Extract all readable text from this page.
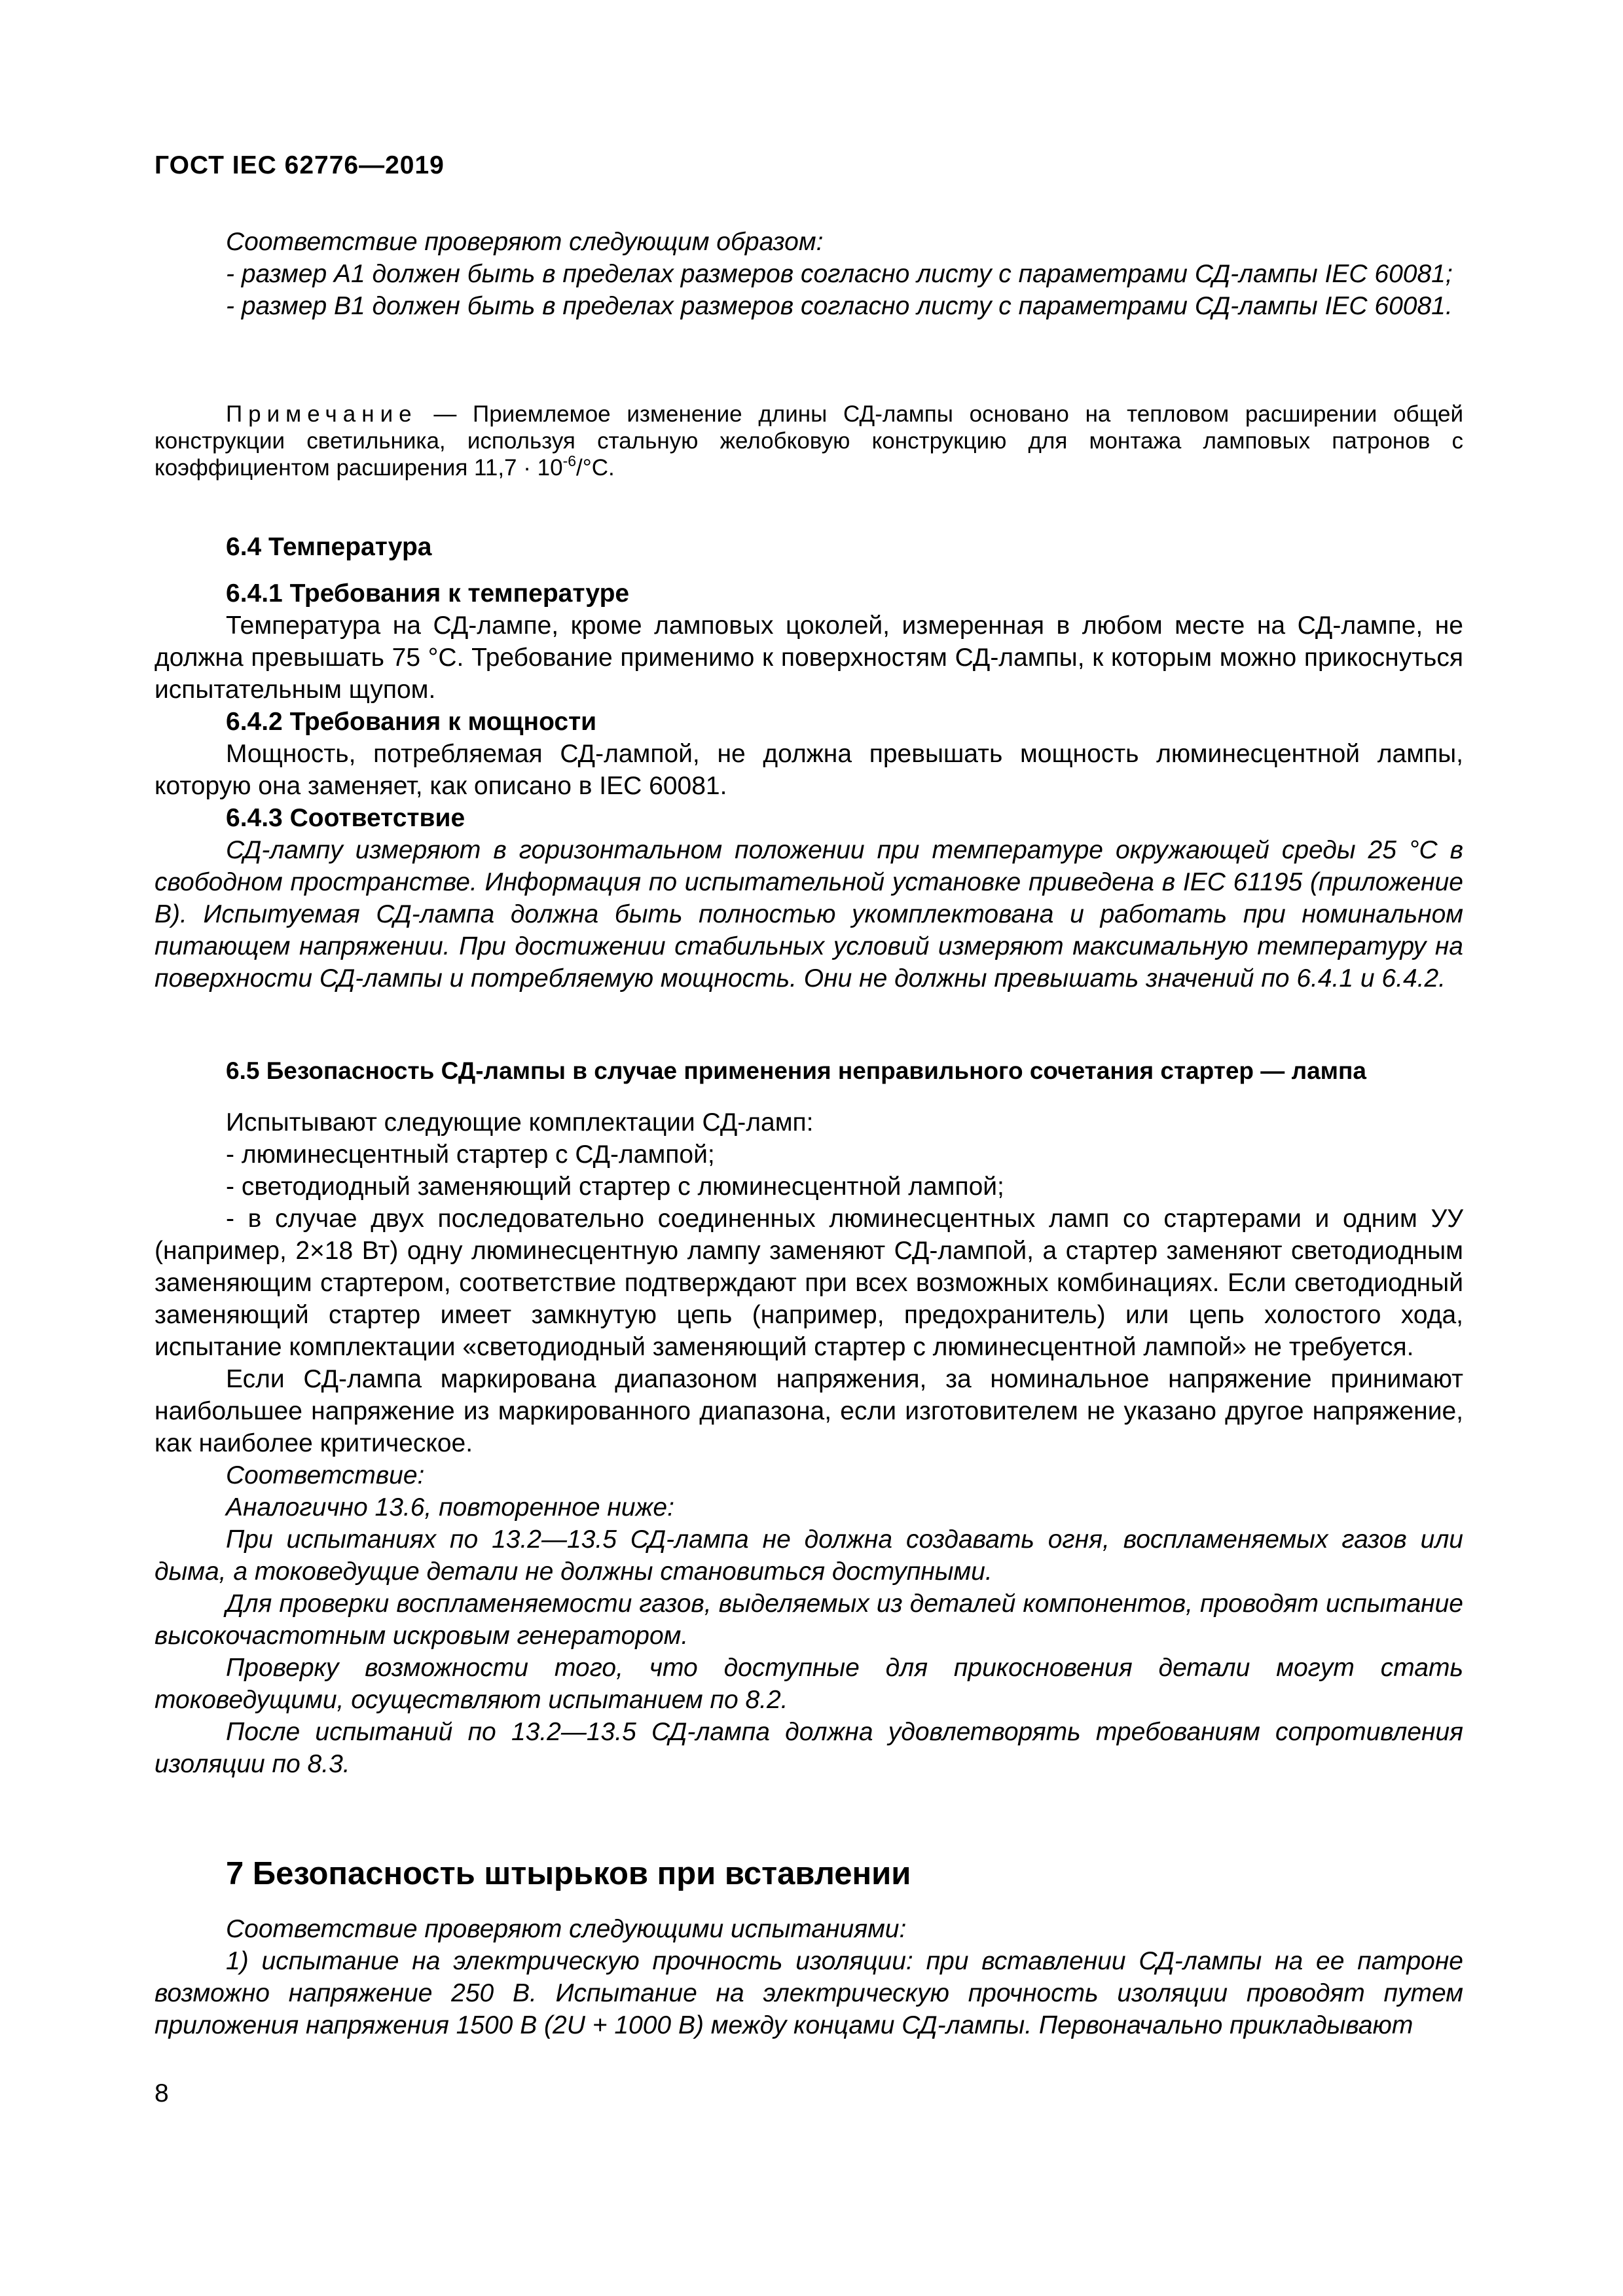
ГОСТ IEC 62776—2019

Соответствие проверяют следующим образом:

- размер A1 должен быть в пределах размеров согласно листу с параметрами СД-лампы IEC 60081;

- размер B1 должен быть в пределах размеров согласно листу с параметрами СД-лампы IEC 60081.

Примечание — Приемлемое изменение длины СД-лампы основано на тепловом расширении общей конструкции светильника, используя стальную желобковую конструкцию для монтажа ламповых патронов с коэффициентом расширения $11,7 \cdot 10^{-6}/^\circ С$.

6.4 Температура
6.4.1 Требования к температуре

Температура на СД-лампе, кроме ламповых цоколей, измеренная в любом месте на СД-лампе, не должна превышать 75 °С. Требование применимо к поверхностям СД-лампы, к которым можно прикоснуться испытательным щупом.

6.4.2 Требования к мощности

Мощность, потребляемая СД-лампой, не должна превышать мощность люминесцентной лампы, которую она заменяет, как описано в IEC 60081.

6.4.3 Соответствие

СД-лампу измеряют в горизонтальном положении при температуре окружающей среды 25 °С в свободном пространстве. Информация по испытательной установке приведена в IEC 61195 (приложение В). Испытуемая СД-лампа должна быть полностью укомплектована и работать при номинальном питающем напряжении. При достижении стабильных условий измеряют максимальную температуру на поверхности СД-лампы и потребляемую мощность. Они не должны превышать значений по 6.4.1 и 6.4.2.

6.5 Безопасность СД-лампы в случае применения неправильного сочетания стартер — лампа

Испытывают следующие комплектации СД-ламп:

- люминесцентный стартер с СД-лампой;

- светодиодный заменяющий стартер с люминесцентной лампой;

- в случае двух последовательно соединенных люминесцентных ламп со стартерами и одним УУ (например, 2×18 Вт) одну люминесцентную лампу заменяют СД-лампой, а стартер заменяют светодиодным заменяющим стартером, соответствие подтверждают при всех возможных комбинациях. Если светодиодный заменяющий стартер имеет замкнутую цепь (например, предохранитель) или цепь холостого хода, испытание комплектации «светодиодный заменяющий стартер с люминесцентной лампой» не требуется.

Если СД-лампа маркирована диапазоном напряжения, за номинальное напряжение принимают наибольшее напряжение из маркированного диапазона, если изготовителем не указано другое напряжение, как наиболее критическое.

Соответствие:

Аналогично 13.6, повторенное ниже:

При испытаниях по 13.2—13.5 СД-лампа не должна создавать огня, воспламеняемых газов или дыма, а токоведущие детали не должны становиться доступными.

Для проверки воспламеняемости газов, выделяемых из деталей компонентов, проводят испытание высокочастотным искровым генератором.

Проверку возможности того, что доступные для прикосновения детали могут стать токоведущими, осуществляют испытанием по 8.2.

После испытаний по 13.2—13.5 СД-лампа должна удовлетворять требованиям сопротивления изоляции по 8.3.

7 Безопасность штырьков при вставлении

Соответствие проверяют следующими испытаниями:

1) испытание на электрическую прочность изоляции: при вставлении СД-лампы на ее патроне возможно напряжение 250 В. Испытание на электрическую прочность изоляции проводят путем приложения напряжения 1500 В (2U + 1000 В) между концами СД-лампы. Первоначально прикладывают

8
